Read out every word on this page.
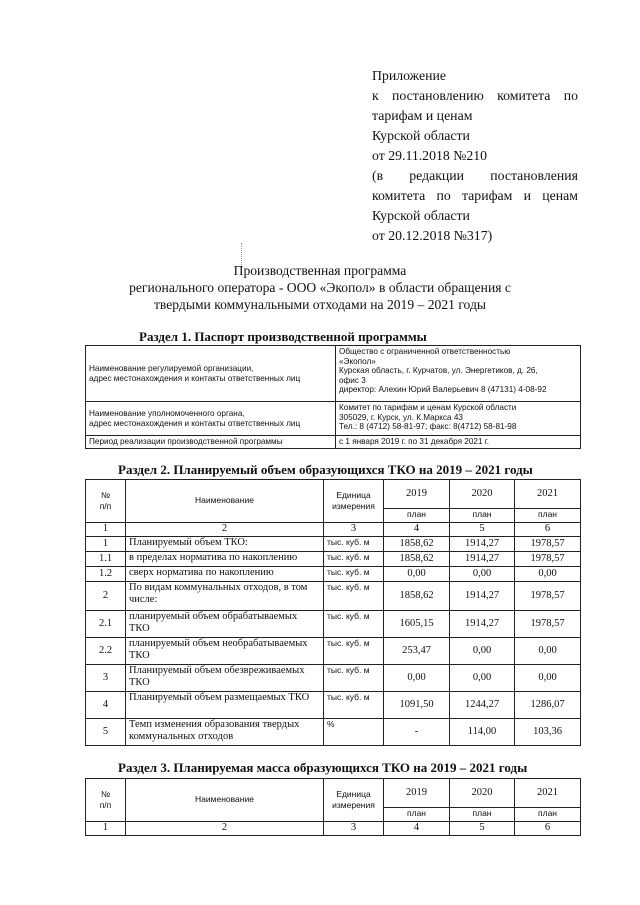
Приложение
к постановлению комитета по
тарифам и ценам
Курской области
от 29.11.2018 №210
(в редакции постановления
комитета по тарифам и ценам
Курской области
от 20.12.2018 №317)
Производственная программа
регионального оператора - ООО «Экопол» в области обращения с
твердыми коммунальными отходами на 2019 – 2021 годы
Раздел 1. Паспорт производственной программы
Наименование регулируемой организации,
адрес местонахождения и контакты ответственных лиц	Общество с ограниченной ответственностью
«Экопол»
Курская область, г. Курчатов, ул. Энергетиков, д. 26,
офис 3
директор: Алехин Юрий Валерьевич 8 (47131) 4-08-92
Наименование уполномоченного органа,
адрес местонахождения и контакты ответственных лиц	Комитет по тарифам и ценам Курской области
305029, г. Курск, ул. К.Маркса 43
Тел.: 8 (4712) 58-81-97; факс: 8(4712) 58-81-98
Период реализации производственной программы	с 1 января 2019 г. по 31 декабря 2021 г.
Раздел 2. Планируемый объем образующихся ТКО на 2019 – 2021 годы
№
п/п	Наименование	Единица
измерения	2019	2020	2021
			план	план	план
1	2	3	4	5	6
1	Планируемый объем ТКО:	тыс. куб. м	1858,62	1914,27	1978,57
1.1	в пределах норматива по накоплению	тыс. куб. м	1858,62	1914,27	1978,57
1.2	сверх норматива по накоплению	тыс. куб. м	0,00	0,00	0,00
2	По видам коммунальных отходов, в том числе:	тыс. куб. м	1858,62	1914,27	1978,57
2.1	планируемый объем обрабатываемых ТКО	тыс. куб. м	1605,15	1914,27	1978,57
2.2	планируемый объем необрабатываемых ТКО	тыс. куб. м	253,47	0,00	0,00
3	Планируемый объем обезвреживаемых ТКО	тыс. куб. м	0,00	0,00	0,00
4	Планируемый объем размещаемых ТКО	тыс. куб. м	1091,50	1244,27	1286,07
5	Темп изменения образования твердых коммунальных отходов	%	-	114,00	103,36
Раздел 3. Планируемая масса образующихся ТКО на 2019 – 2021 годы
№
п/п	Наименование	Единица
измерения	2019	2020	2021
			план	план	план
1	2	3	4	5	6
